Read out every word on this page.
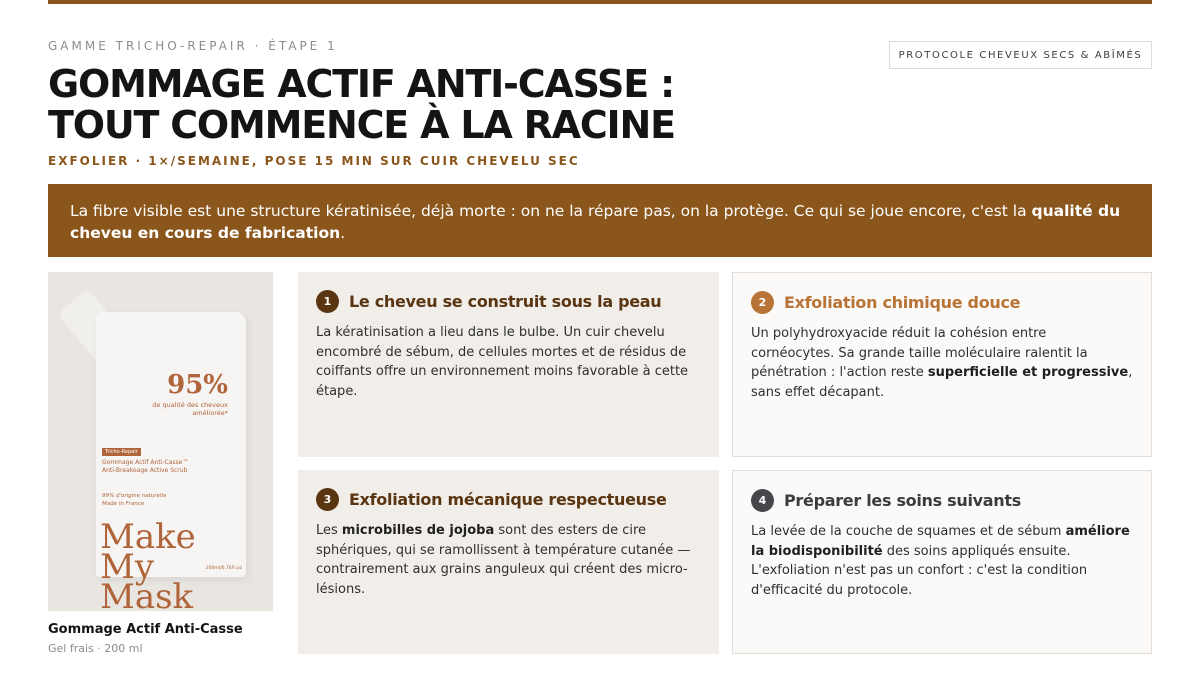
GAMME TRICHO-REPAIR · ÉTAPE 1
PROTOCOLE CHEVEUX SECS & ABÎMÉS
GOMMAGE ACTIF ANTI-CASSE :
TOUT COMMENCE À LA RACINE
EXFOLIER · 1×/SEMAINE, POSE 15 MIN SUR CUIR CHEVELU SEC
La fibre visible est une structure kératinisée, déjà morte : on ne la répare pas, on la protège. Ce qui se joue encore, c'est la qualité du cheveu en cours de fabrication.
95%
de qualité des cheveux améliorée*
Tricho-Repair
Gommage Actif Anti-Casse™
Anti-Breakeage Active Scrub
99% d'origine naturelle
Made in France
Make
My
Mask
200ml/6.76Fl.oz
Gommage Actif Anti-Casse
Gel frais · 200 ml
1	Le cheveu se construit sous la peau
La kératinisation a lieu dans le bulbe. Un cuir chevelu encombré de sébum, de cellules mortes et de résidus de coiffants offre un environnement moins favorable à cette étape.
2	Exfoliation chimique douce
Un polyhydroxyacide réduit la cohésion entre cornéocytes. Sa grande taille moléculaire ralentit la pénétration : l'action reste superficielle et progressive, sans effet décapant.
3	Exfoliation mécanique respectueuse
Les microbilles de jojoba sont des esters de cire sphériques, qui se ramollissent à température cutanée — contrairement aux grains anguleux qui créent des micro-lésions.
4	Préparer les soins suivants
La levée de la couche de squames et de sébum améliore la biodisponibilité des soins appliqués ensuite. L'exfoliation n'est pas un confort : c'est la condition d'efficacité du protocole.
